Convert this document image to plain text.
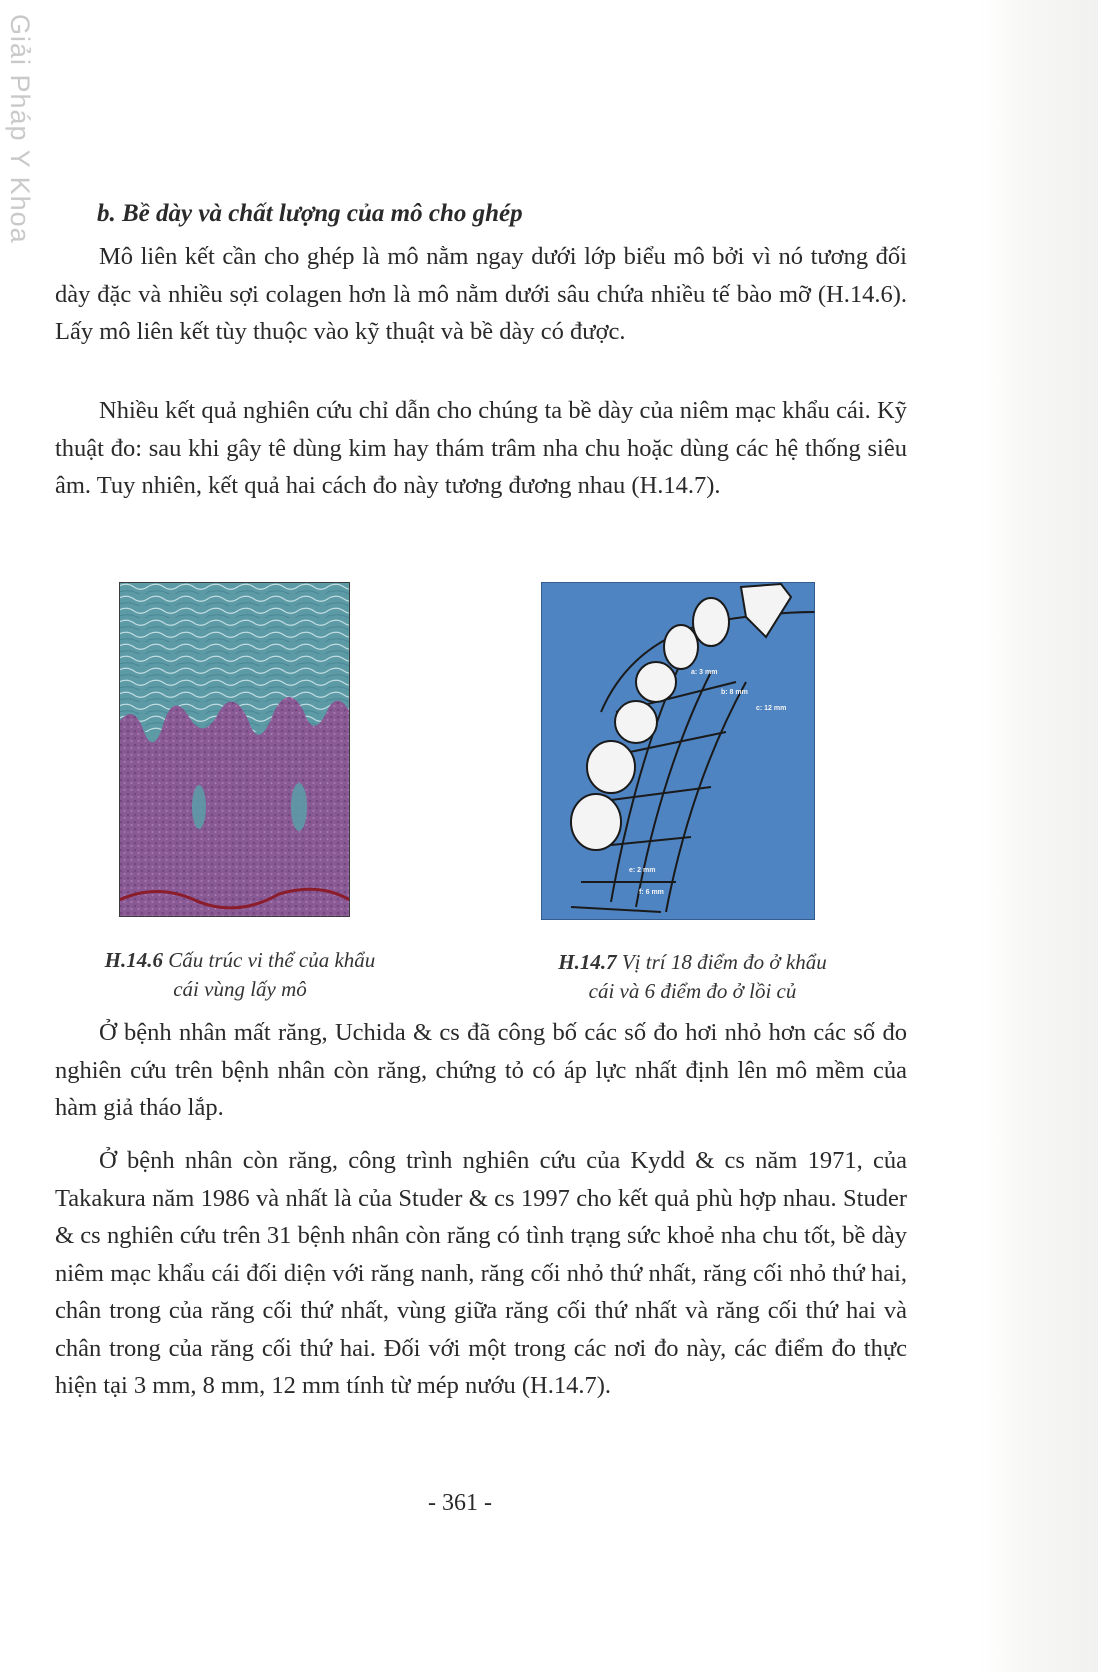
Giải Pháp Y Khoa b. Bề dày và chất lượng của mô cho ghép

Mô liên kết cần cho ghép là mô nằm ngay dưới lớp biểu mô bởi vì nó tương đối dày đặc và nhiều sợi colagen hơn là mô nằm dưới sâu chứa nhiều tế bào mỡ (H.14.6). Lấy mô liên kết tùy thuộc vào kỹ thuật và bề dày có được.

Nhiều kết quả nghiên cứu chỉ dẫn cho chúng ta bề dày của niêm mạc khẩu cái. Kỹ thuật đo: sau khi gây tê dùng kim hay thám trâm nha chu hoặc dùng các hệ thống siêu âm. Tuy nhiên, kết quả hai cách đo này tương đương nhau (H.14.7).

a: 3 mm
b: 8 mm
c: 12 mm
e: 2 mm
f: 6 mm
H.14.6 Cấu trúc vi thể của khẩu
cái vùng lấy mô
H.14.7 Vị trí 18 điểm đo ở khẩu
cái và 6 điểm đo ở lồi củ

Ở bệnh nhân mất răng, Uchida & cs đã công bố các số đo hơi nhỏ hơn các số đo nghiên cứu trên bệnh nhân còn răng, chứng tỏ có áp lực nhất định lên mô mềm của hàm giả tháo lắp.

Ở bệnh nhân còn răng, công trình nghiên cứu của Kydd & cs năm 1971, của Takakura năm 1986 và nhất là của Studer & cs 1997 cho kết quả phù hợp nhau. Studer & cs nghiên cứu trên 31 bệnh nhân còn răng có tình trạng sức khoẻ nha chu tốt, bề dày niêm mạc khẩu cái đối diện với răng nanh, răng cối nhỏ thứ nhất, răng cối nhỏ thứ hai, chân trong của răng cối thứ nhất, vùng giữa răng cối thứ nhất và răng cối thứ hai và chân trong của răng cối thứ hai. Đối với một trong các nơi đo này, các điểm đo thực hiện tại 3 mm, 8 mm, 12 mm tính từ mép nướu (H.14.7).

- 361 -
